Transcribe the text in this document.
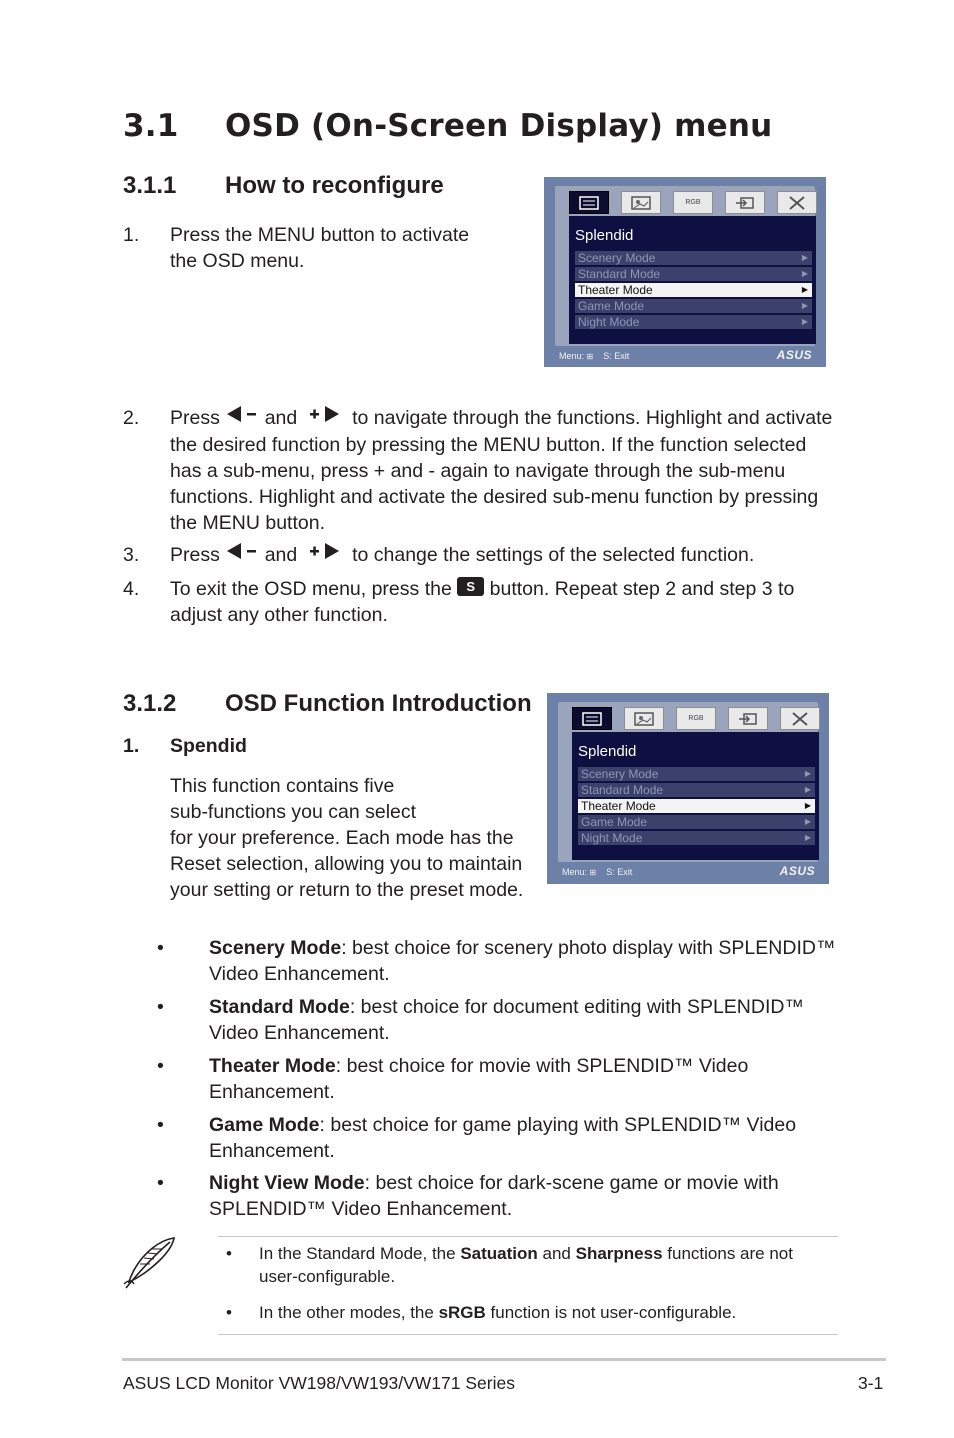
3.1 OSD (On-Screen Display) menu
3.1.1 How to reconfigure
1. Press the MENU button to activate
the OSD menu.
RGB
Splendid
Scenery Mode	▶
Standard Mode	▶
Theater Mode	▶
Game Mode	▶
Night Mode	▶
Menu: ⊞ S: Exit	ASUS
2. Press and	to navigate through the functions. Highlight and activate
the desired function by pressing the MENU button. If the function selected
has a sub-menu, press + and - again to navigate through the sub-menu
functions. Highlight and activate the desired sub-menu function by pressing
the MENU button.
3. Press and	to change the settings of the selected function.
4. To exit the OSD menu, press the S button. Repeat step 2 and step 3 to
adjust any other function.
3.1.2 OSD Function Introduction
1. Spendid
This function contains five
sub-functions you can select
for your preference. Each mode has the
Reset selection, allowing you to maintain
your setting or return to the preset mode.
RGB
Splendid
Scenery Mode	▶
Standard Mode	▶
Theater Mode	▶
Game Mode	▶
Night Mode	▶
Menu: ⊞ S: Exit	ASUS
• Scenery Mode: best choice for scenery photo display with SPLENDID™
Video Enhancement.
• Standard Mode: best choice for document editing with SPLENDID™
Video Enhancement.
• Theater Mode: best choice for movie with SPLENDID™ Video
Enhancement.
• Game Mode: best choice for game playing with SPLENDID™ Video
Enhancement.
• Night View Mode: best choice for dark-scene game or movie with
SPLENDID™ Video Enhancement.
• In the Standard Mode, the Satuation and Sharpness functions are not
user-configurable.
• In the other modes, the sRGB function is not user-configurable.
ASUS LCD Monitor VW198/VW193/VW171 Series	3-1
